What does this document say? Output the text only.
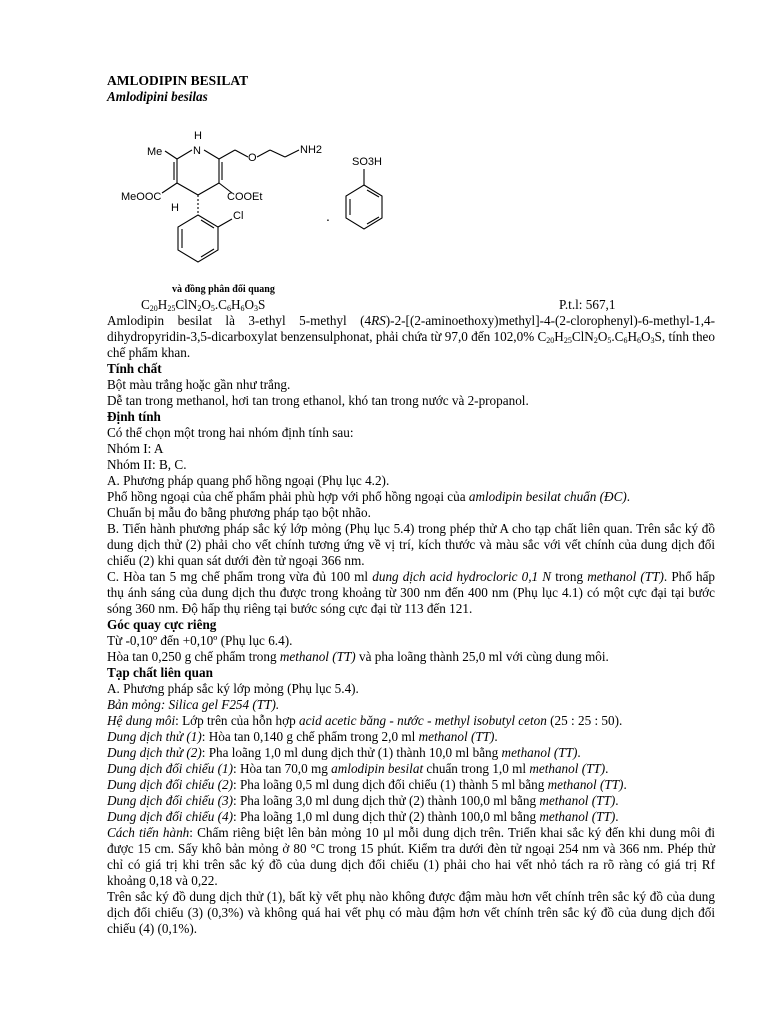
AMLODIPIN BESILAT
Amlodipini besilas
Me
H
N
O
NH2
MeOOC	COOEt
H
Cl
SO3H
.
và đồng phân đối quang
$C_{20}H_{25}ClN_2O_5.C_6H_6O_3S$	P.t.l: 567,1

Amlodipin besilat là 3-ethyl 5-methyl (4RS)-2-[(2-aminoethoxy)methyl]-4-(2-clorophenyl)-6-methyl-1,4-dihydropyridin-3,5-dicarboxylat benzensulphonat, phải chứa từ 97,0 đến 102,0% $C_{20}H_{25}ClN_2O_5.C_6H_6O_3S$, tính theo chế phẩm khan.

Tính chất

Bột màu trắng hoặc gần như trắng.

Dễ tan trong methanol, hơi tan trong ethanol, khó tan trong nước và 2-propanol.

Định tính

Có thể chọn một trong hai nhóm định tính sau:

Nhóm I: A

Nhóm II: B, C.

A. Phương pháp quang phổ hồng ngoại (Phụ lục 4.2).

Phổ hồng ngoại của chế phẩm phải phù hợp với phổ hồng ngoại của amlodipin besilat chuẩn (ĐC).

Chuẩn bị mẫu đo bằng phương pháp tạo bột nhão.

B. Tiến hành phương pháp sắc ký lớp mỏng (Phụ lục 5.4) trong phép thử A cho tạp chất liên quan. Trên sắc ký đồ dung dịch thử (2) phải cho vết chính tương ứng về vị trí, kích thước và màu sắc với vết chính của dung dịch đối chiếu (2) khi quan sát dưới đèn tử ngoại 366 nm.

C. Hòa tan 5 mg chế phẩm trong vừa đủ 100 ml dung dịch acid hydrocloric 0,1 N trong methanol (TT). Phổ hấp thụ ánh sáng của dung dịch thu được trong khoảng từ 300 nm đến 400 nm (Phụ lục 4.1) có một cực đại tại bước sóng 360 nm. Độ hấp thụ riêng tại bước sóng cực đại từ 113 đến 121.

Góc quay cực riêng

Từ -0,10º đến +0,10º (Phụ lục 6.4).

Hòa tan 0,250 g chế phẩm trong methanol (TT) và pha loãng thành 25,0 ml với cùng dung môi.

Tạp chất liên quan

A. Phương pháp sắc ký lớp mỏng (Phụ lục 5.4).

Bản mỏng: Silica gel F254 (TT).

Hệ dung môi: Lớp trên của hỗn hợp acid acetic băng - nước - methyl isobutyl ceton (25 : 25 : 50).

Dung dịch thử (1): Hòa tan 0,140 g chế phẩm trong 2,0 ml methanol (TT).

Dung dịch thử (2): Pha loãng 1,0 ml dung dịch thử (1) thành 10,0 ml bằng methanol (TT).

Dung dịch đối chiếu (1): Hòa tan 70,0 mg amlodipin besilat chuẩn trong 1,0 ml methanol (TT).

Dung dịch đối chiếu (2): Pha loãng 0,5 ml dung dịch đối chiếu (1) thành 5 ml bằng methanol (TT).

Dung dịch đối chiếu (3): Pha loãng 3,0 ml dung dịch thử (2) thành 100,0 ml bằng methanol (TT).

Dung dịch đối chiếu (4): Pha loãng 1,0 ml dung dịch thử (2) thành 100,0 ml bằng methanol (TT).

Cách tiến hành: Chấm riêng biệt lên bản mỏng 10 µl mỗi dung dịch trên. Triển khai sắc ký đến khi dung môi đi được 15 cm. Sấy khô bản mỏng ở 80 °C trong 15 phút. Kiểm tra dưới đèn tử ngoại 254 nm và 366 nm. Phép thử chỉ có giá trị khi trên sắc ký đồ của dung dịch đối chiếu (1) phải cho hai vết nhỏ tách ra rõ ràng có giá trị Rf khoảng 0,18 và 0,22.

Trên sắc ký đồ dung dịch thử (1), bất kỳ vết phụ nào không được đậm màu hơn vết chính trên sắc ký đồ của dung dịch đối chiếu (3) (0,3%) và không quá hai vết phụ có màu đậm hơn vết chính trên sắc ký đồ của dung dịch đối chiếu (4) (0,1%).
